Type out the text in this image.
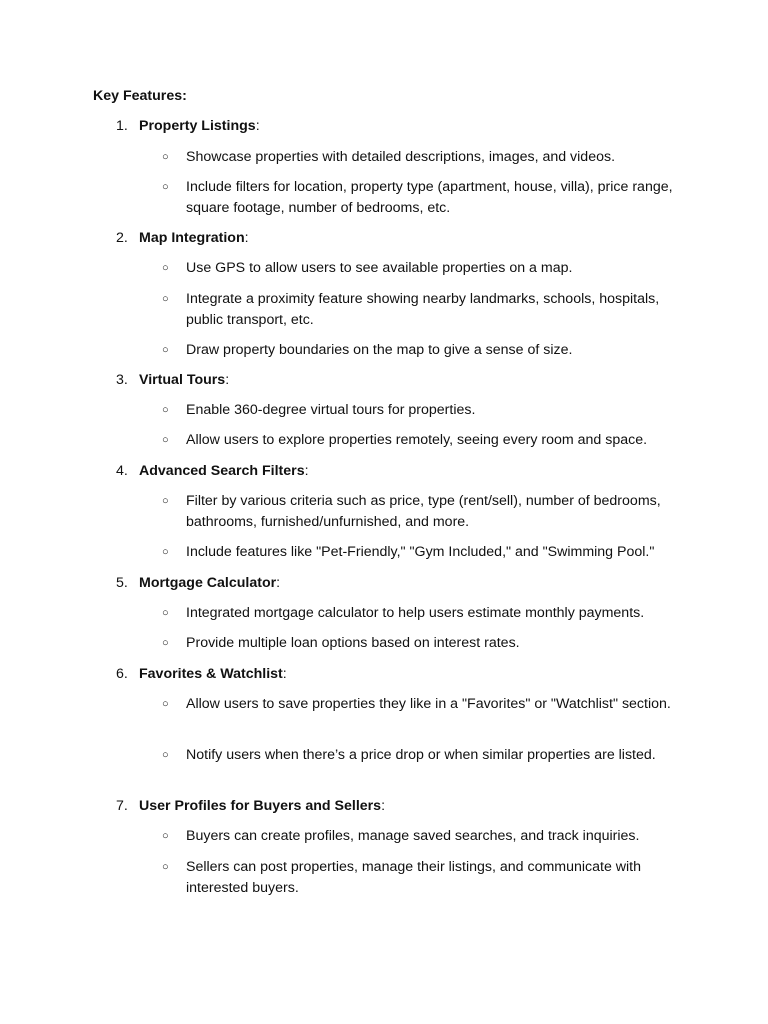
Key Features:

1. Property Listings:
○ Showcase properties with detailed descriptions, images, and videos.
○ Include filters for location, property type (apartment, house, villa), price range, square footage, number of bedrooms, etc.
2. Map Integration:
○ Use GPS to allow users to see available properties on a map.
○ Integrate a proximity feature showing nearby landmarks, schools, hospitals, public transport, etc.
○ Draw property boundaries on the map to give a sense of size.
3. Virtual Tours:
○ Enable 360-degree virtual tours for properties.
○ Allow users to explore properties remotely, seeing every room and space.
4. Advanced Search Filters:
○ Filter by various criteria such as price, type (rent/sell), number of bedrooms, bathrooms, furnished/unfurnished, and more.
○ Include features like "Pet-Friendly," "Gym Included," and "Swimming Pool."
5. Mortgage Calculator:
○ Integrated mortgage calculator to help users estimate monthly payments.
○ Provide multiple loan options based on interest rates.
6. Favorites & Watchlist:
○ Allow users to save properties they like in a "Favorites" or "Watchlist" section.
○ Notify users when there’s a price drop or when similar properties are listed.
7. User Profiles for Buyers and Sellers:
○ Buyers can create profiles, manage saved searches, and track inquiries.
○ Sellers can post properties, manage their listings, and communicate with interested buyers.
